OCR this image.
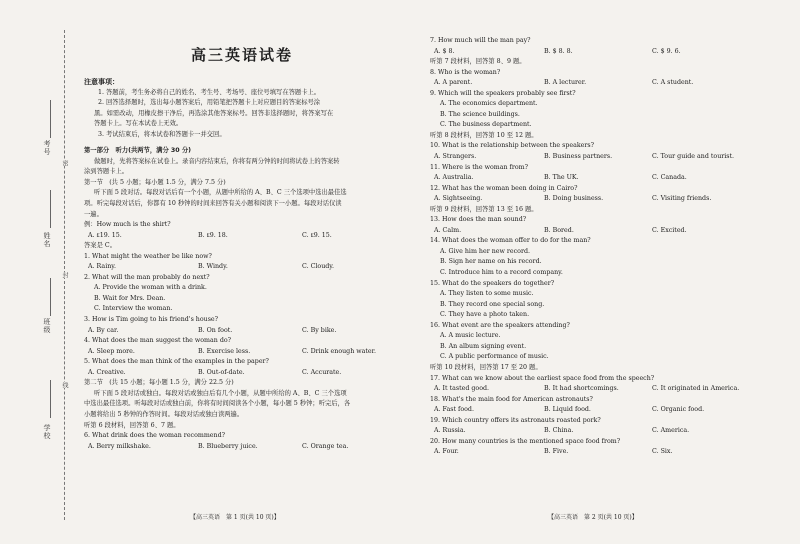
考号
姓名
班级
学校
密
封
线
高三英语试卷
注意事项：
1. 答题前，考生务必将自己的姓名、考生号、考场号、座位号填写在答题卡上。
2. 回答选择题时，选出每小题答案后，用铅笔把答题卡上对应题目的答案标号涂
黑。如需改动，用橡皮擦干净后，再选涂其他答案标号。回答非选择题时，将答案写在
答题卡上。写在本试卷上无效。
3. 考试结束后，将本试卷和答题卡一并交回。
第一部分　听力(共两节，满分 30 分)
做题时，先将答案标在试卷上。录音内容结束后，你将有两分钟的时间将试卷上的答案转
涂到答题卡上。
第一节　(共 5 小题；每小题 1.5 分，满分 7.5 分)
听下面 5 段对话。每段对话后有一个小题，从题中所给的 A、B、C 三个选项中选出最佳选
项。听完每段对话后，你都有 10 秒钟的时间来回答有关小题和阅读下一小题。每段对话仅读
一遍。
例：How much is the shirt?
A. ₤19. 15.	B. ₤9. 18.	C. ₤9. 15.
答案是 C。
1. What might the weather be like now?
A. Rainy.	B. Windy.	C. Cloudy.
2. What will the man probably do next?
A. Provide the woman with a drink.
B. Wait for Mrs. Dean.
C. Interview the woman.
3. How is Tim going to his friend's house?
A. By car.	B. On foot.	C. By bike.
4. What does the man suggest the woman do?
A. Sleep more.	B. Exercise less.	C. Drink enough water.
5. What does the man think of the examples in the paper?
A. Creative.	B. Out-of-date.	C. Accurate.
第二节　(共 15 小题；每小题 1.5 分，满分 22.5 分)
听下面 5 段对话或独白。每段对话或独白后有几个小题，从题中所给的 A、B、C 三个选项
中选出最佳选项。听每段对话或独白前，你将有时间阅读各个小题，每小题 5 秒钟；听完后，各
小题将给出 5 秒钟的作答时间。每段对话或独白读两遍。
听第 6 段材料，回答第 6、7 题。
6. What drink does the woman recommend?
A. Berry milkshake.	B. Blueberry juice.	C. Orange tea.
7. How much will the man pay?
A. $ 8.	B. $ 8. 8.	C. $ 9. 6.
听第 7 段材料，回答第 8、9 题。
8. Who is the woman?
A. A parent.	B. A lecturer.	C. A student.
9. Which will the speakers probably see first?
A. The economics department.
B. The science buildings.
C. The business department.
听第 8 段材料，回答第 10 至 12 题。
10. What is the relationship between the speakers?
A. Strangers.	B. Business partners.	C. Tour guide and tourist.
11. Where is the woman from?
A. Australia.	B. The UK.	C. Canada.
12. What has the woman been doing in Cairo?
A. Sightseeing.	B. Doing business.	C. Visiting friends.
听第 9 段材料，回答第 13 至 16 题。
13. How does the man sound?
A. Calm.	B. Bored.	C. Excited.
14. What does the woman offer to do for the man?
A. Give him her new record.
B. Sign her name on his record.
C. Introduce him to a record company.
15. What do the speakers do together?
A. They listen to some music.
B. They record one special song.
C. They have a photo taken.
16. What event are the speakers attending?
A. A music lecture.
B. An album signing event.
C. A public performance of music.
听第 10 段材料，回答第 17 至 20 题。
17. What can we know about the earliest space food from the speech?
A. It tasted good.	B. It had shortcomings.	C. It originated in America.
18. What's the main food for American astronauts?
A. Fast food.	B. Liquid food.	C. Organic food.
19. Which country offers its astronauts roasted pork?
A. Russia.	B. China.	C. America.
20. How many countries is the mentioned space food from?
A. Four.	B. Five.	C. Six.
【高三英语　第 1 页(共 10 页)】	【高三英语　第 2 页(共 10 页)】
